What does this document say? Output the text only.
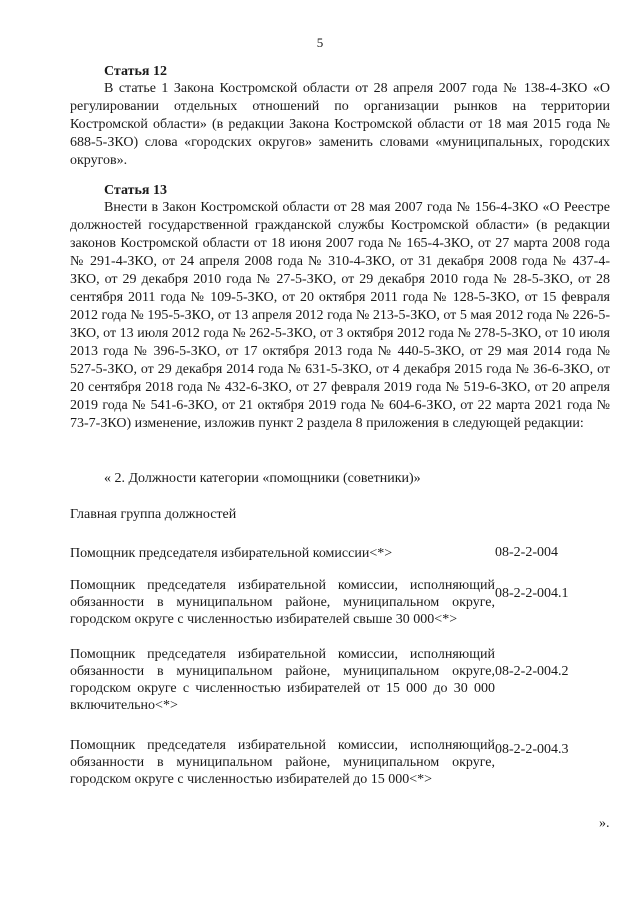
5
Статья 12
В статье 1 Закона Костромской области от 28 апреля 2007 года № 138-4-ЗКО «О регулировании отдельных отношений по организации рынков на территории Костромской области» (в редакции Закона Костромской области от 18 мая 2015 года № 688-5-ЗКО) слова «городских округов» заменить словами «муниципальных, городских округов».
Статья 13
Внести в Закон Костромской области от 28 мая 2007 года № 156-4-ЗКО «О Реестре должностей государственной гражданской службы Костромской области» (в редакции законов Костромской области от 18 июня 2007 года № 165-4-ЗКО, от 27 марта 2008 года № 291-4-ЗКО, от 24 апреля 2008 года № 310-4-ЗКО, от 31 декабря 2008 года № 437-4-ЗКО, от 29 декабря 2010 года № 27-5-ЗКО, от 29 декабря 2010 года № 28-5-ЗКО, от 28 сентября 2011 года № 109-5-ЗКО, от 20 октября 2011 года № 128-5-ЗКО, от 15 февраля 2012 года № 195-5-ЗКО, от 13 апреля 2012 года № 213-5-ЗКО, от 5 мая 2012 года № 226-5-ЗКО, от 13 июля 2012 года № 262-5-ЗКО, от 3 октября 2012 года № 278-5-ЗКО, от 10 июля 2013 года № 396-5-ЗКО, от 17 октября 2013 года № 440-5-ЗКО, от 29 мая 2014 года № 527-5-ЗКО, от 29 декабря 2014 года № 631-5-ЗКО, от 4 декабря 2015 года № 36-6-ЗКО, от 20 сентября 2018 года № 432-6-ЗКО, от 27 февраля 2019 года № 519-6-ЗКО, от 20 апреля 2019 года № 541-6-ЗКО, от 21 октября 2019 года № 604-6-ЗКО, от 22 марта 2021 года № 73-7-ЗКО) изменение, изложив пункт 2 раздела 8 приложения в следующей редакции:
« 2. Должности категории «помощники (советники)»
Главная группа должностей
Помощник председателя избирательной комиссии<*>	08-2-2-004
Помощник председателя избирательной комиссии, исполняющий обязанности в муниципальном районе, муниципальном округе, городском округе с численностью избирателей свыше 30 000<*>
08-2-2-004.1
Помощник председателя избирательной комиссии, исполняющий обязанности в муниципальном районе, муниципальном округе, городском округе с численностью избирателей от 15 000 до 30 000 включительно<*>
08-2-2-004.2
Помощник председателя избирательной комиссии, исполняющий обязанности в муниципальном районе, муниципальном округе, городском округе с численностью избирателей до 15 000<*>
08-2-2-004.3
».
